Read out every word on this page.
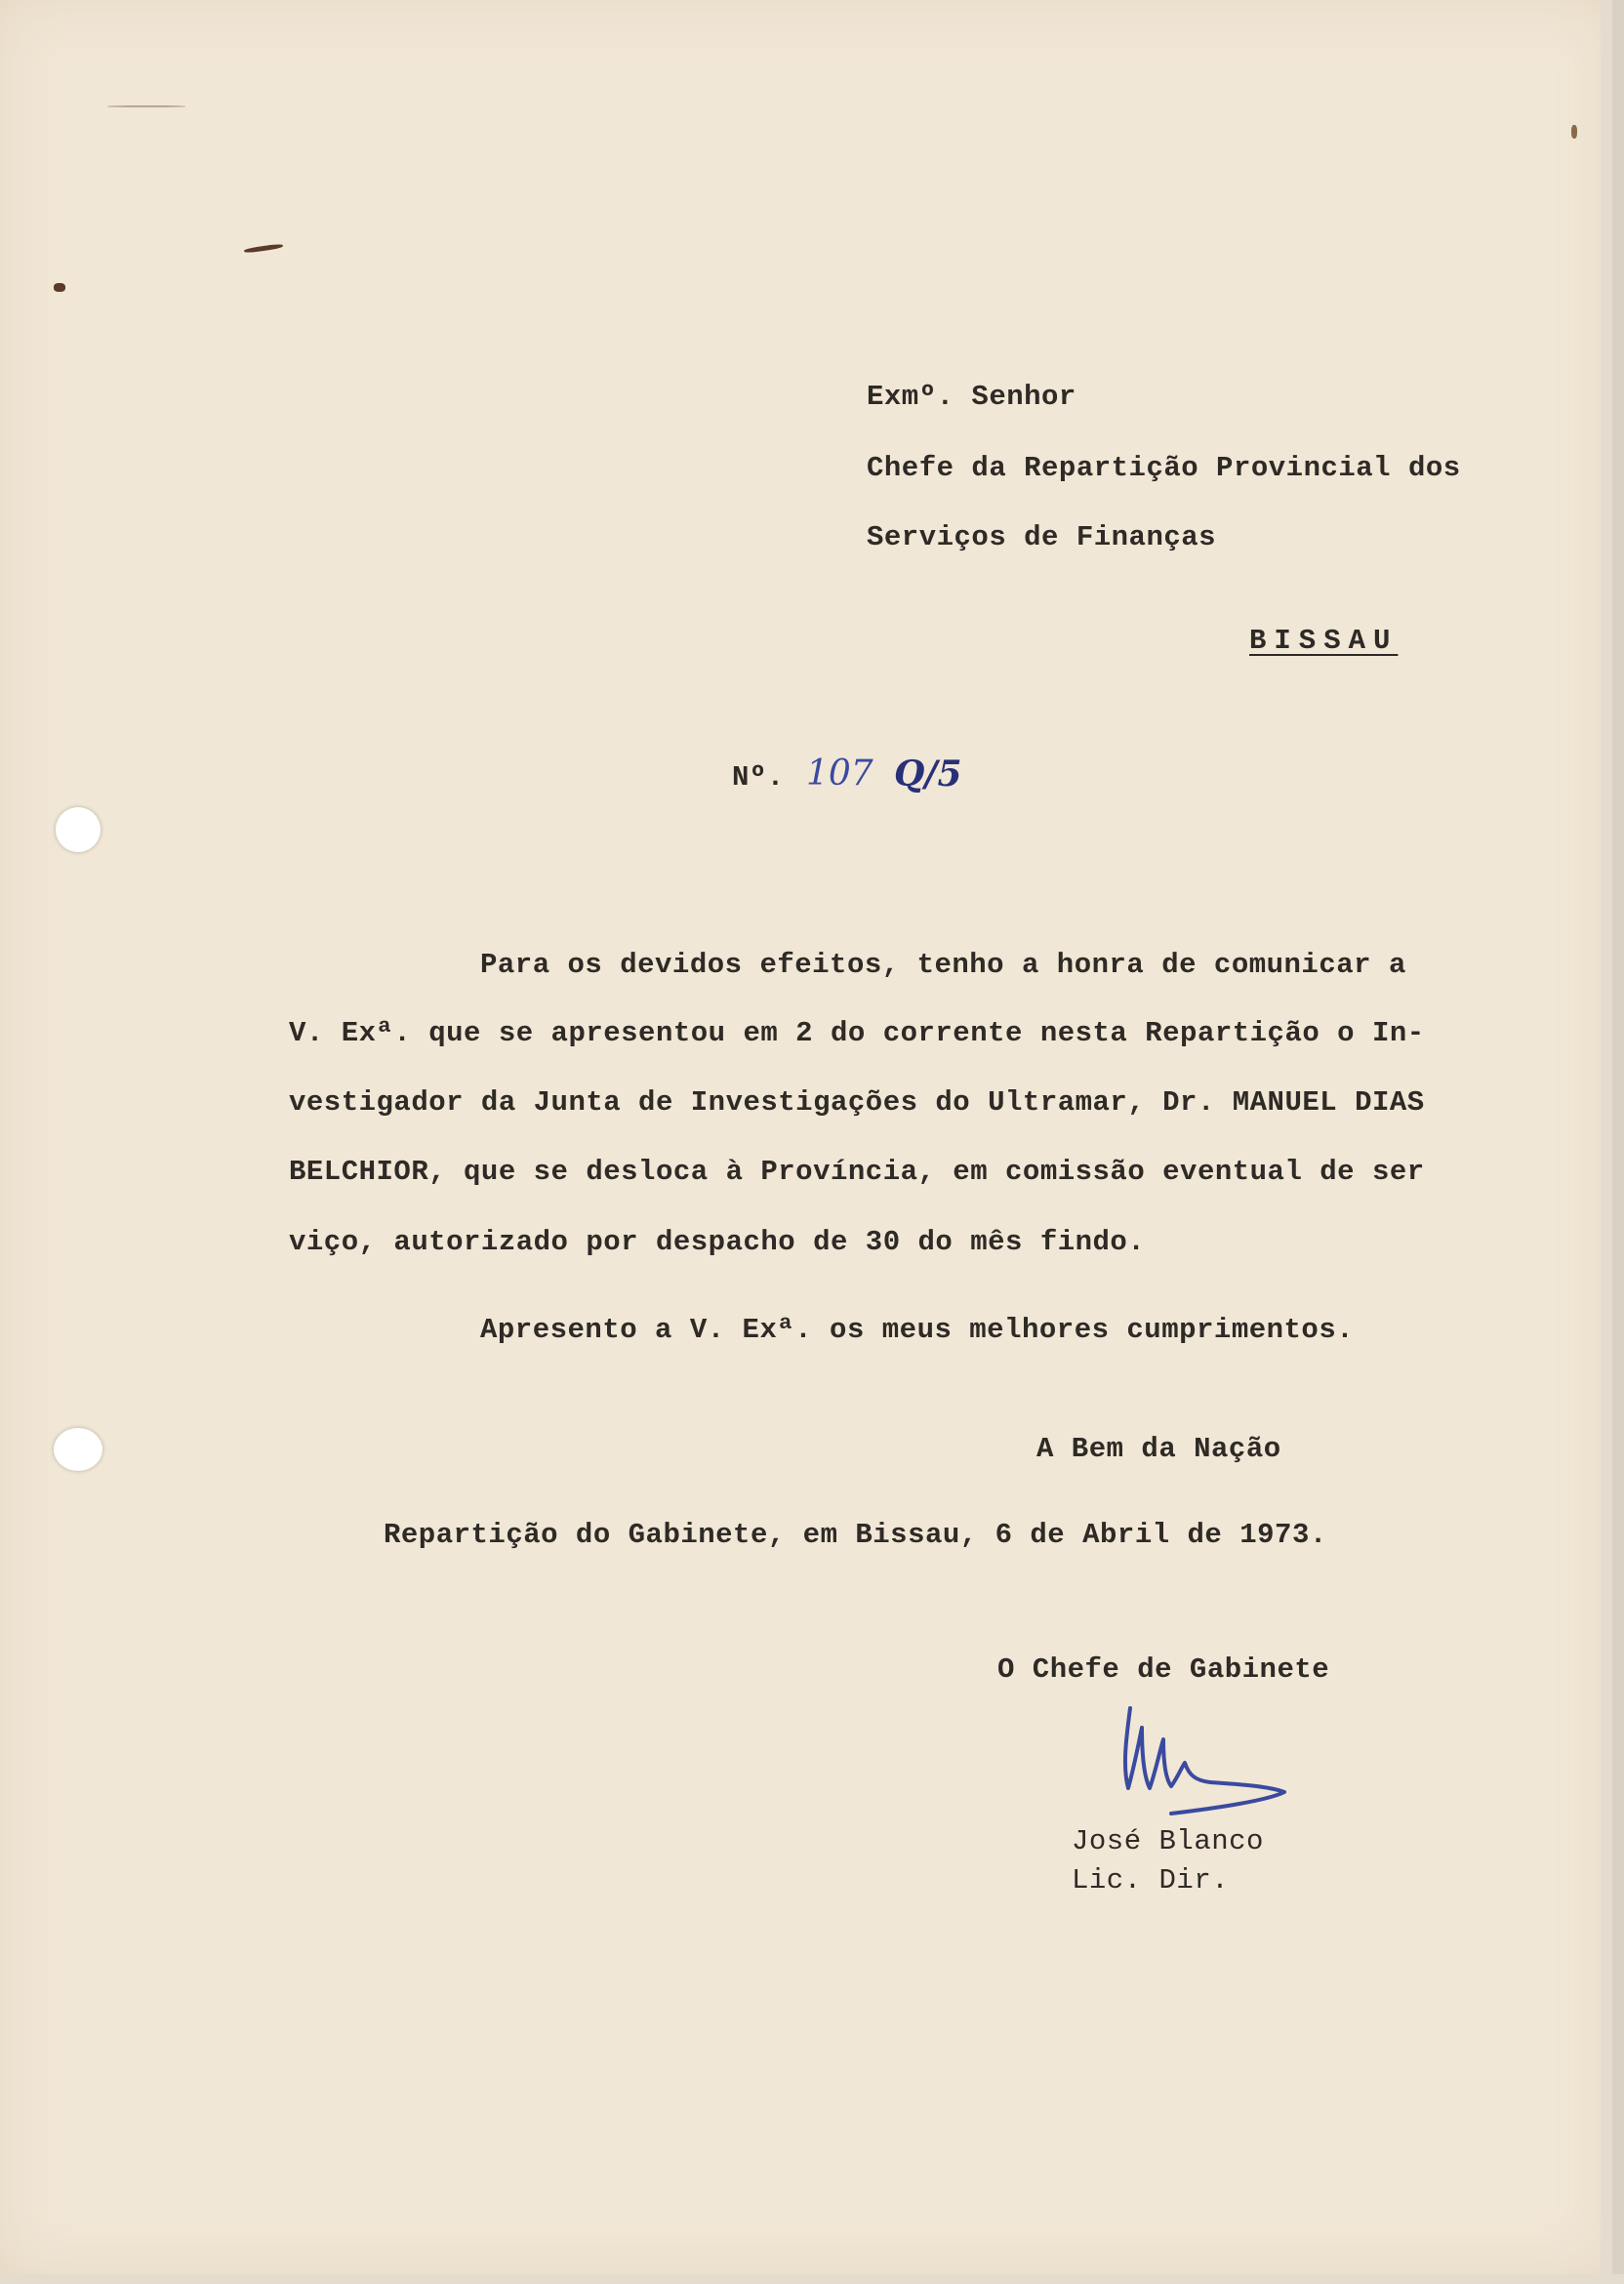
Exmº. Senhor
Chefe da Repartição Provincial dos
Serviços de Finanças
BISSAU
Nº. 107 Q/5
Para os devidos efeitos, tenho a honra de comunicar a
V. Exª. que se apresentou em 2 do corrente nesta Repartição o In-
vestigador da Junta de Investigações do Ultramar, Dr. MANUEL DIAS
BELCHIOR, que se desloca à Província, em comissão eventual de ser
viço, autorizado por despacho de 30 do mês findo.
Apresento a V. Exª. os meus melhores cumprimentos.
A Bem da Nação
Repartição do Gabinete, em Bissau, 6 de Abril de 1973.
O Chefe de Gabinete
José Blanco
Lic. Dir.
